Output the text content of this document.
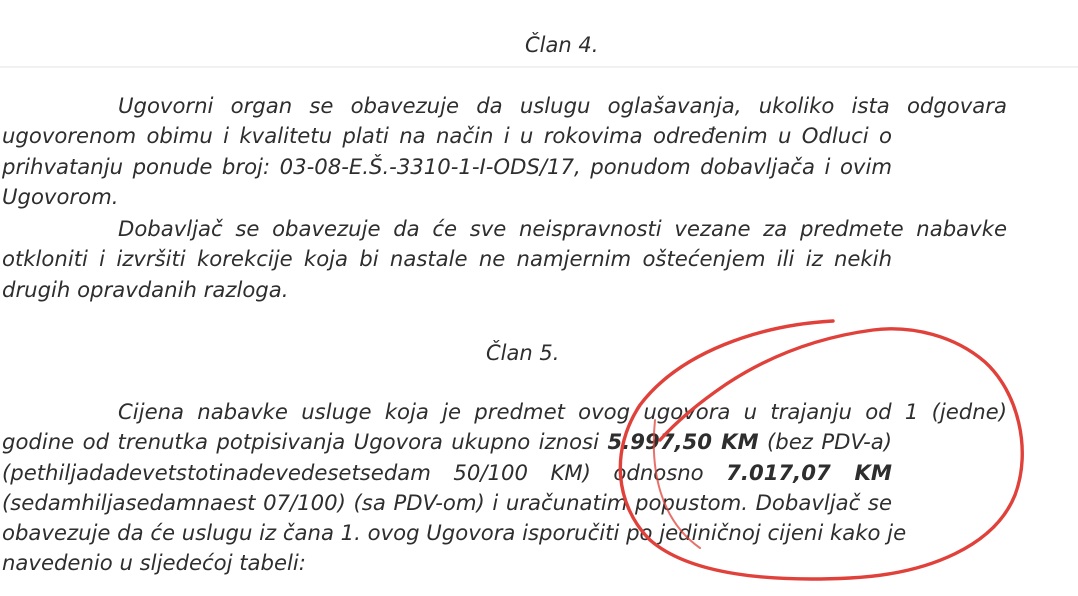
Član 4.
Ugovorni organ se obavezuje da uslugu oglašavanja, ukoliko ista odgovara
ugovorenom obimu i kvalitetu plati na način i u rokovima određenim u Odluci o
prihvatanju ponude broj: 03-08-E.Š.-3310-1-I-ODS/17, ponudom dobavljača i ovim
Ugovorom.
Dobavljač se obavezuje da će sve neispravnosti vezane za predmete nabavke
otkloniti i izvršiti korekcije koja bi nastale ne namjernim oštećenjem ili iz nekih
drugih opravdanih razloga.
Član 5.
Cijena nabavke usluge koja je predmet ovog ugovora u trajanju od 1 (jedne)
godine od trenutka potpisivanja Ugovora ukupno iznosi 5.997,50 KM (bez PDV-a)
(pethiljadadevetstotinadevedesetsedam  50/100  KM)  odnosno  7.017,07  KM
(sedamhiljasedamnaest 07/100) (sa PDV-om) i uračunatim popustom. Dobavljač se
obavezuje da će uslugu iz čana 1. ovog Ugovora isporučiti po jediničnoj cijeni kako je
navedenio u sljedećoj tabeli:
